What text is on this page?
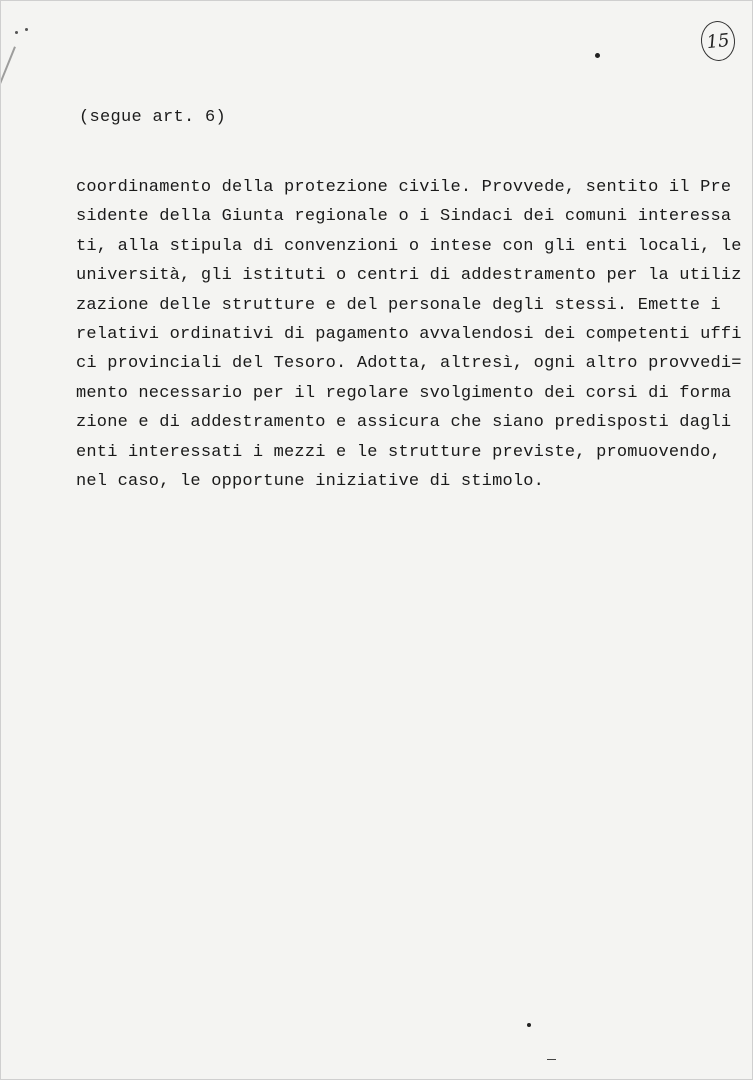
15
(segue art. 6)
coordinamento della protezione civile. Provvede, sentito il Pre
sidente della Giunta regionale o i Sindaci dei comuni interessa
ti, alla stipula di convenzioni o intese con gli enti locali, le
università, gli istituti o centri di addestramento per la utiliz
zazione delle strutture e del personale degli stessi. Emette i
relativi ordinativi di pagamento avvalendosi dei competenti uffi
ci provinciali del Tesoro. Adotta, altresì, ogni altro provvedi=
mento necessario per il regolare svolgimento dei corsi di forma
zione e di addestramento e assicura che siano predisposti dagli
enti interessati i mezzi e le strutture previste, promuovendo,
nel caso, le opportune iniziative di stimolo.
